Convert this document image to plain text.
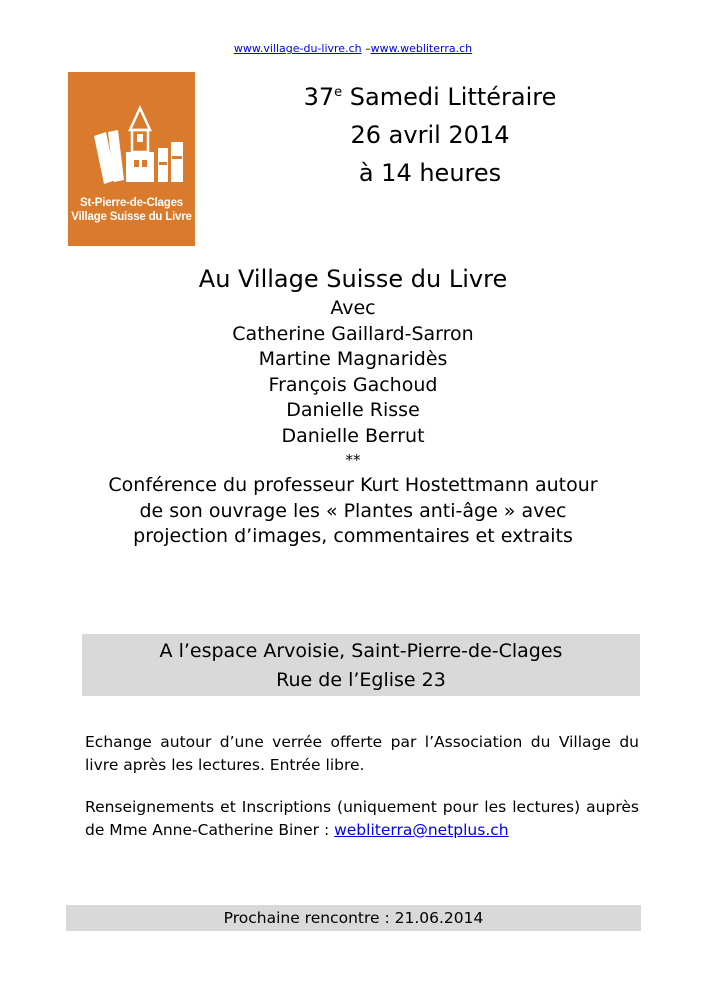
www.village-du-livre.ch –www.webliterra.ch
St-Pierre-de-Clages
Village Suisse du Livre
37e Samedi Littéraire
26 avril 2014
à 14 heures
Au Village Suisse du Livre
Avec
Catherine Gaillard-Sarron
Martine Magnaridès
François Gachoud
Danielle Risse
Danielle Berrut
**
Conférence du professeur Kurt Hostettmann autour
de son ouvrage les « Plantes anti-âge » avec
projection d’images, commentaires et extraits
A l’espace Arvoisie, Saint-Pierre-de-Clages
Rue de l’Eglise 23
Echange autour d’une verrée offerte par l’Association du Village du livre après les lectures. Entrée libre.
Renseignements et Inscriptions (uniquement pour les lectures) auprès de Mme Anne-Catherine Biner : webliterra@netplus.ch
Prochaine rencontre : 21.06.2014
